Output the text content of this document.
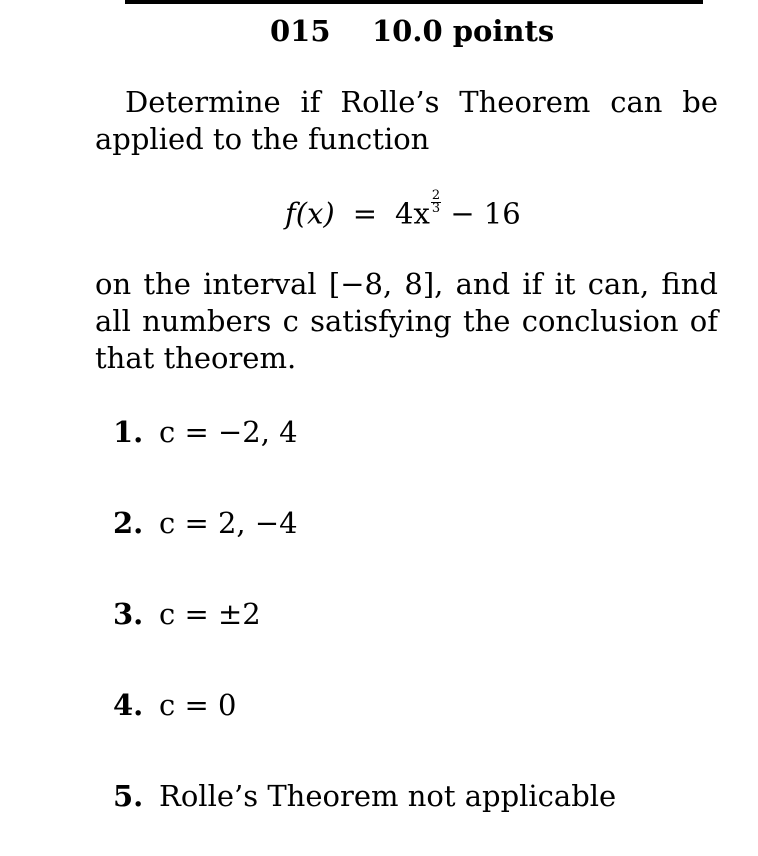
015 10.0 points
Determine if Rolle’s Theorem can be applied to the function
$f(x) = 4x \frac{2}{3} - 16$
on the interval [−8, 8], and if it can, find all numbers c satisfying the conclusion of that theorem.
1. c = −2, 4
2. c = 2, −4
3. c = ±2
4. c = 0
5. Rolle’s Theorem not applicable
